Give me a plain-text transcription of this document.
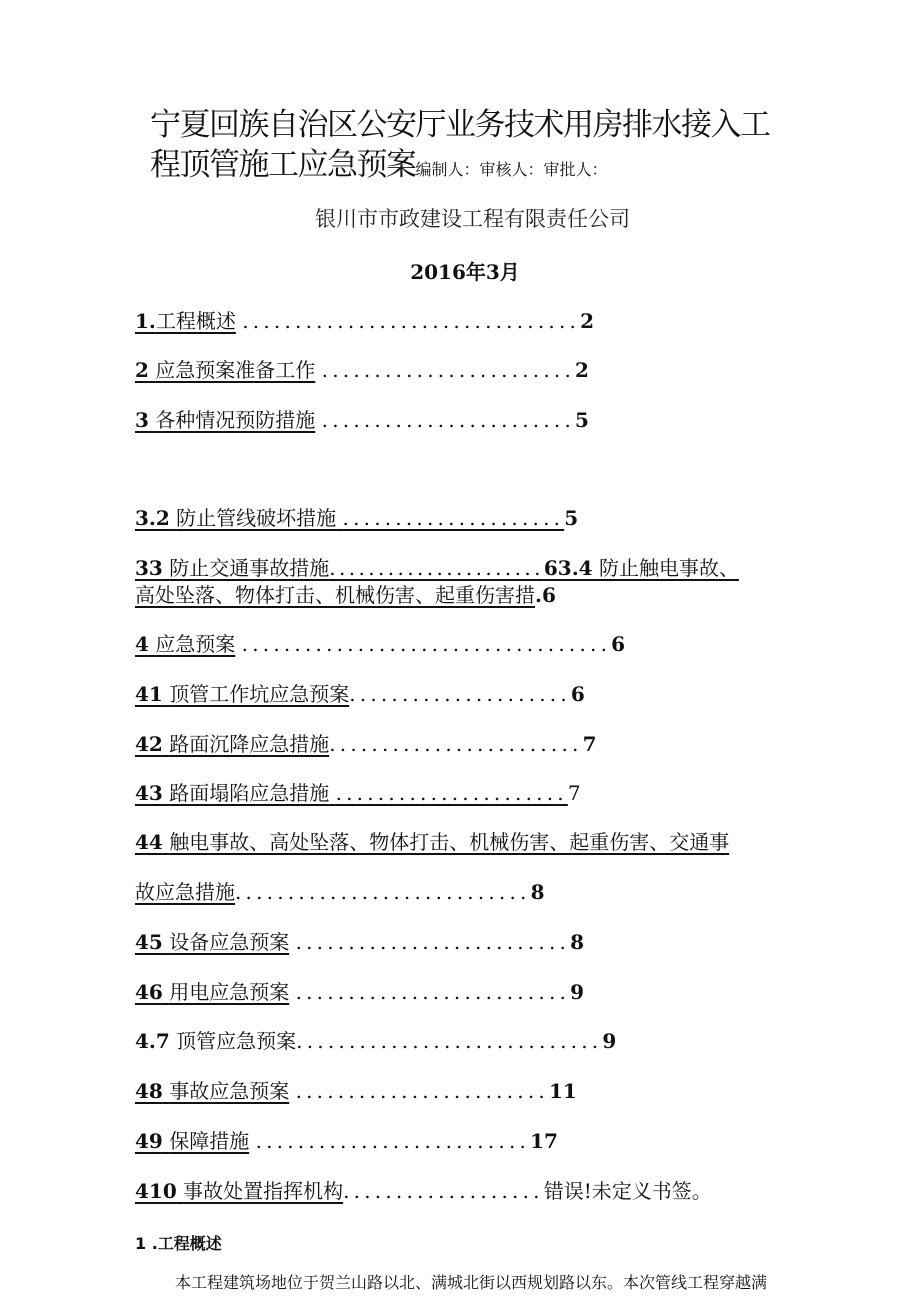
宁夏回族自治区公安厅业务技术用房排水接入工
程顶管施工应急预案编制人：审核人：审批人：
银川市市政建设工程有限责任公司
2016年3月
1.工程概述 ................................2
2 应急预案准备工作 ........................2
3 各种情况预防措施 ........................5
3.2 防止管线破坏措施 .....................5
33 防止交通事故措施......................63.4 防止触电事故、
高处坠落、物体打击、机械伤害、起重伤害措.6
4 应急预案 ...................................6
41 顶管工作坑应急预案.....................6
42 路面沉降应急措施........................7
43 路面塌陷应急措施 ......................7
44 触电事故、高处坠落、物体打击、机械伤害、起重伤害、交通事
故应急措施............................8
45 设备应急预案 ..........................8
46 用电应急预案 ..........................9
4.7 顶管应急预案.............................9
48 事故应急预案 ........................11
49 保障措施 ..........................17
410 事故处置指挥机构...................错误!未定义书签。
1 .工程概述
本工程建筑场地位于贺兰山路以北、满城北街以西规划路以东。本次管线工程穿越满
